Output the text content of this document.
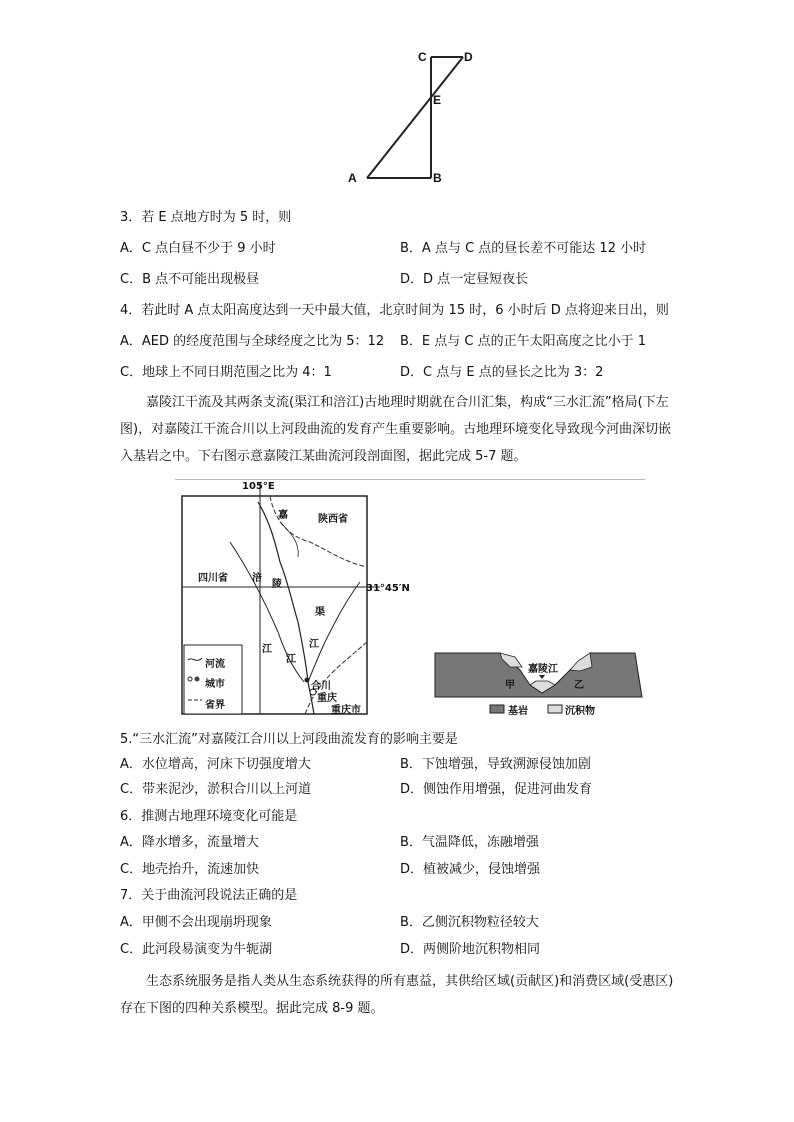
C	D
E
A	B
3．若 E 点地方时为 5 时，则
A．C 点白昼不少于 9 小时	B．A 点与 C 点的昼长差不可能达 12 小时
C．B 点不可能出现极昼	D．D 点一定昼短夜长
4．若此时 A 点太阳高度达到一天中最大值，北京时间为 15 时，6 小时后 D 点将迎来日出，则
A．AED 的经度范围与全球经度之比为 5：12 B．E 点与 C 点的正午太阳高度之比小于 1
C．地球上不同日期范围之比为 4：1	D．C 点与 E 点的昼长之比为 3：2
嘉陵江干流及其两条支流(渠江和涪江)古地理时期就在合川汇集，构成“三水汇流”格局(下左图)，对嘉陵江干流合川以上河段曲流的发育产生重要影响。古地理环境变化导致现今河曲深切嵌入基岩之中。下右图示意嘉陵江某曲流河段剖面图，据此完成 5-7 题。
105°E
31°45′N
陕西省
四川省
嘉
涪
陵
渠
江	江
江
合川
重庆
重庆市
河流
城市
省界
嘉陵江
甲	乙
基岩	沉积物
5.“三水汇流”对嘉陵江合川以上河段曲流发育的影响主要是
A．水位增高，河床下切强度增大	B．下蚀增强，导致溯源侵蚀加剧
C．带来泥沙，淤积合川以上河道	D．侧蚀作用增强，促进河曲发育
6．推测古地理环境变化可能是
A．降水增多，流量增大	B．气温降低，冻融增强
C．地壳抬升，流速加快	D．植被减少，侵蚀增强
7．关于曲流河段说法正确的是
A．甲侧不会出现崩坍现象	B．乙侧沉积物粒径较大
C．此河段易演变为牛轭湖	D．两侧阶地沉积物相同
生态系统服务是指人类从生态系统获得的所有惠益，其供给区域(贡献区)和消费区域(受惠区)存在下图的四种关系模型。据此完成 8-9 题。
